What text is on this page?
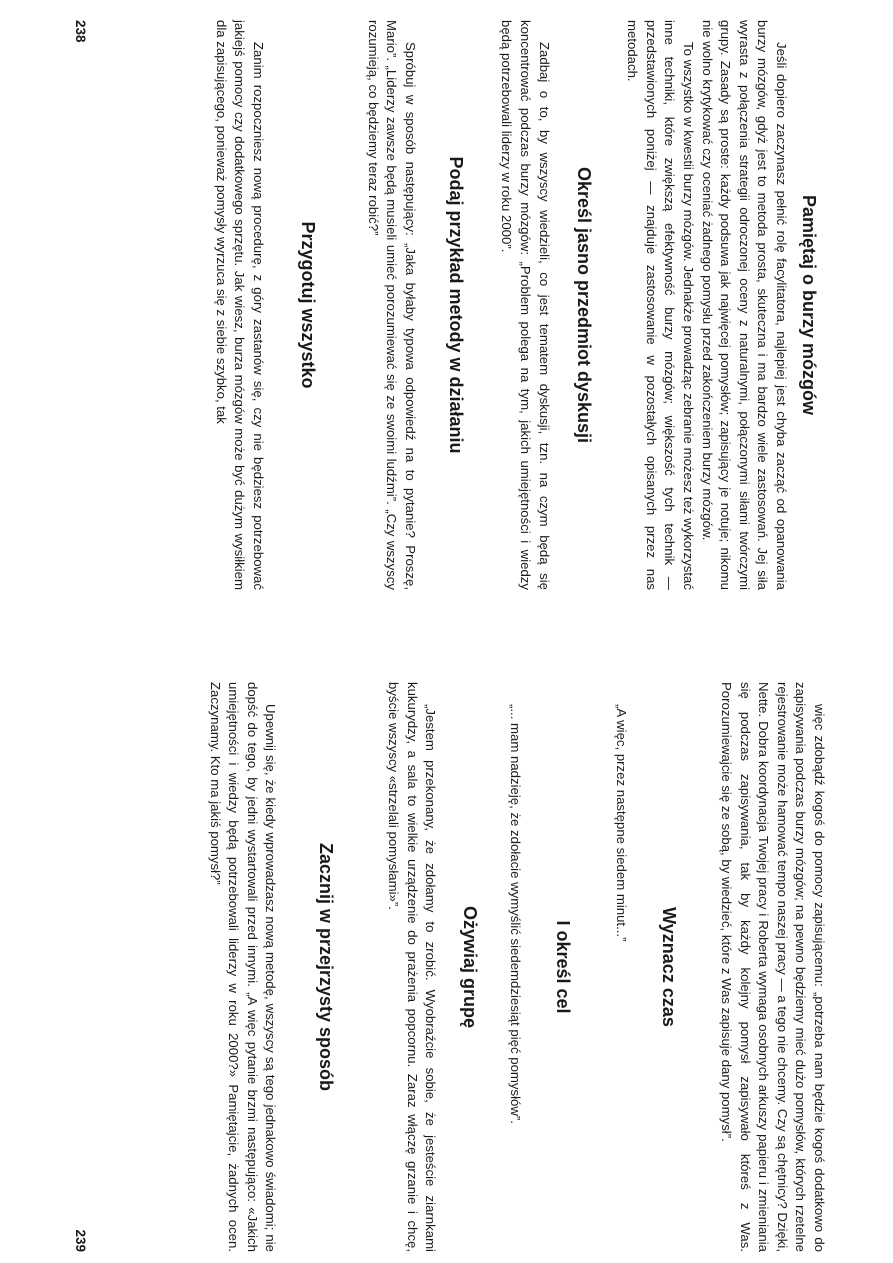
Pamiętaj o burzy mózgów

Jeśli dopiero zaczynasz pełnić rolę facylitatora, najlepiej jest chyba zacząć od opanowania burzy mózgów, gdyż jest to metoda prosta, skuteczna i ma bardzo wiele zastosowań. Jej siła wyrasta z połączenia strategii odroczonej oceny z naturalnymi, połączonymi siłami twórczymi grupy. Zasady są proste: każdy podsuwa jak najwięcej pomysłów; zapisujący je notuje; nikomu nie wolno krytykować czy oceniać żadnego pomysłu przed zakończeniem burzy mózgów.

To wszystko w kwestii burzy mózgów. Jednakże prowadząc zebranie możesz też wykorzystać inne techniki, które zwiększą efektywność burzy mózgów; większość tych technik — przedstawionych poniżej — znajduje zastosowanie w pozostałych opisanych przez nas metodach.

Określ jasno przedmiot dyskusji

Zadbaj o to, by wszyscy wiedzieli, co jest tematem dyskusji, tzn. na czym będą się koncentrować podczas burzy mózgów: „Problem polega na tym, jakich umiejętności i wiedzy będą potrzebowali liderzy w roku 2000”.

Podaj przykład metody w działaniu

Spróbuj w sposób następujący: „Jaka byłaby typowa odpowiedź na to pytanie? Proszę, Mario”. „Liderzy zawsze będą musieli umieć porozumiewać się ze swoimi ludźmi”. „Czy wszyscy rozumieją, co będziemy teraz robić?”

Przygotuj wszystko

Zanim rozpoczniesz nową procedurę, z góry zastanów się, czy nie będziesz potrzebować jakiejś pomocy czy dodatkowego sprzętu. Jak wiesz, burza mózgów może być dużym wysiłkiem dla zapisującego, ponieważ pomysły wyrzuca się z siebie szybko, tak

238

więc zdobądź kogoś do pomocy zapisującemu: „potrzeba nam będzie kogoś dodatkowo do zapisywania podczas burzy mózgów; na pewno będziemy mieć dużo pomysłów, których rzetelne rejestrowanie może hamować tempo naszej pracy — a tego nie chcemy. Czy są chętnicy? Dzięki, Nette. Dobra koordynacja Twojej pracy i Roberta wymaga osobnych arkuszy papieru i zmieniania się podczas zapisywania, tak by każdy kolejny pomysł zapisywało któreś z Was. Porozumiewajcie się ze sobą, by wiedzieć, które z Was zapisuje dany pomysł”.

Wyznacz czas

„A więc, przez następne siedem minut...”

I określ cel

„... mam nadzieję, że zdołacie wymyślić siedemdziesiąt pięć pomysłów”.

Ożywiaj grupę

„Jestem przekonany, że zdołamy to zrobić. Wyobraźcie sobie, że jesteście ziarnkami kukurydzy, a sala to wielkie urządzenie do prażenia popcornu. Zaraz włączę grzanie i chcę, byście wszyscy «strzelali pomysłami»”.

Zacznij w przejrzysty sposób

Upewnij się, że kiedy wprowadzasz nową metodę, wszyscy są tego jednakowo świadomi; nie dopść do tego, by jedni wystartowali przed innymi. „A więc pytanie brzmi następująco: «Jakich umiejętności i wiedzy będą potrzebowali liderzy w roku 2000?» Pamiętajcie, żadnych ocen. Zaczynamy. Kto ma jakiś pomysł?”

239
